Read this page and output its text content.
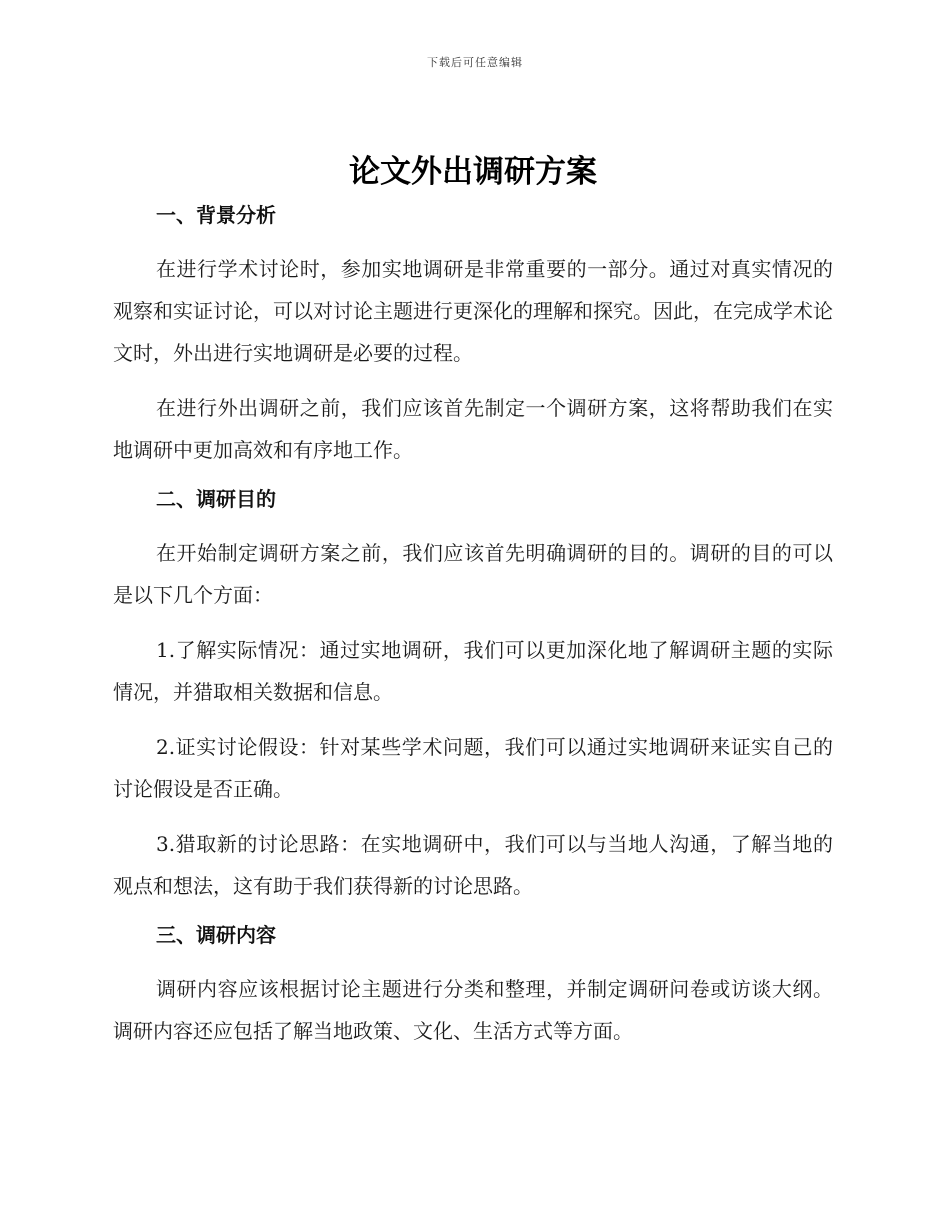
下载后可任意编辑
论文外出调研方案
一、背景分析

在进行学术讨论时，参加实地调研是非常重要的一部分。通过对真实情况的观察和实证讨论，可以对讨论主题进行更深化的理解和探究。因此，在完成学术论文时，外出进行实地调研是必要的过程。

在进行外出调研之前，我们应该首先制定一个调研方案，这将帮助我们在实地调研中更加高效和有序地工作。

二、调研目的

在开始制定调研方案之前，我们应该首先明确调研的目的。调研的目的可以是以下几个方面：

1.了解实际情况：通过实地调研，我们可以更加深化地了解调研主题的实际情况，并猎取相关数据和信息。

2.证实讨论假设：针对某些学术问题，我们可以通过实地调研来证实自己的讨论假设是否正确。

3.猎取新的讨论思路：在实地调研中，我们可以与当地人沟通，了解当地的观点和想法，这有助于我们获得新的讨论思路。

三、调研内容

调研内容应该根据讨论主题进行分类和整理，并制定调研问卷或访谈大纲。调研内容还应包括了解当地政策、文化、生活方式等方面。
